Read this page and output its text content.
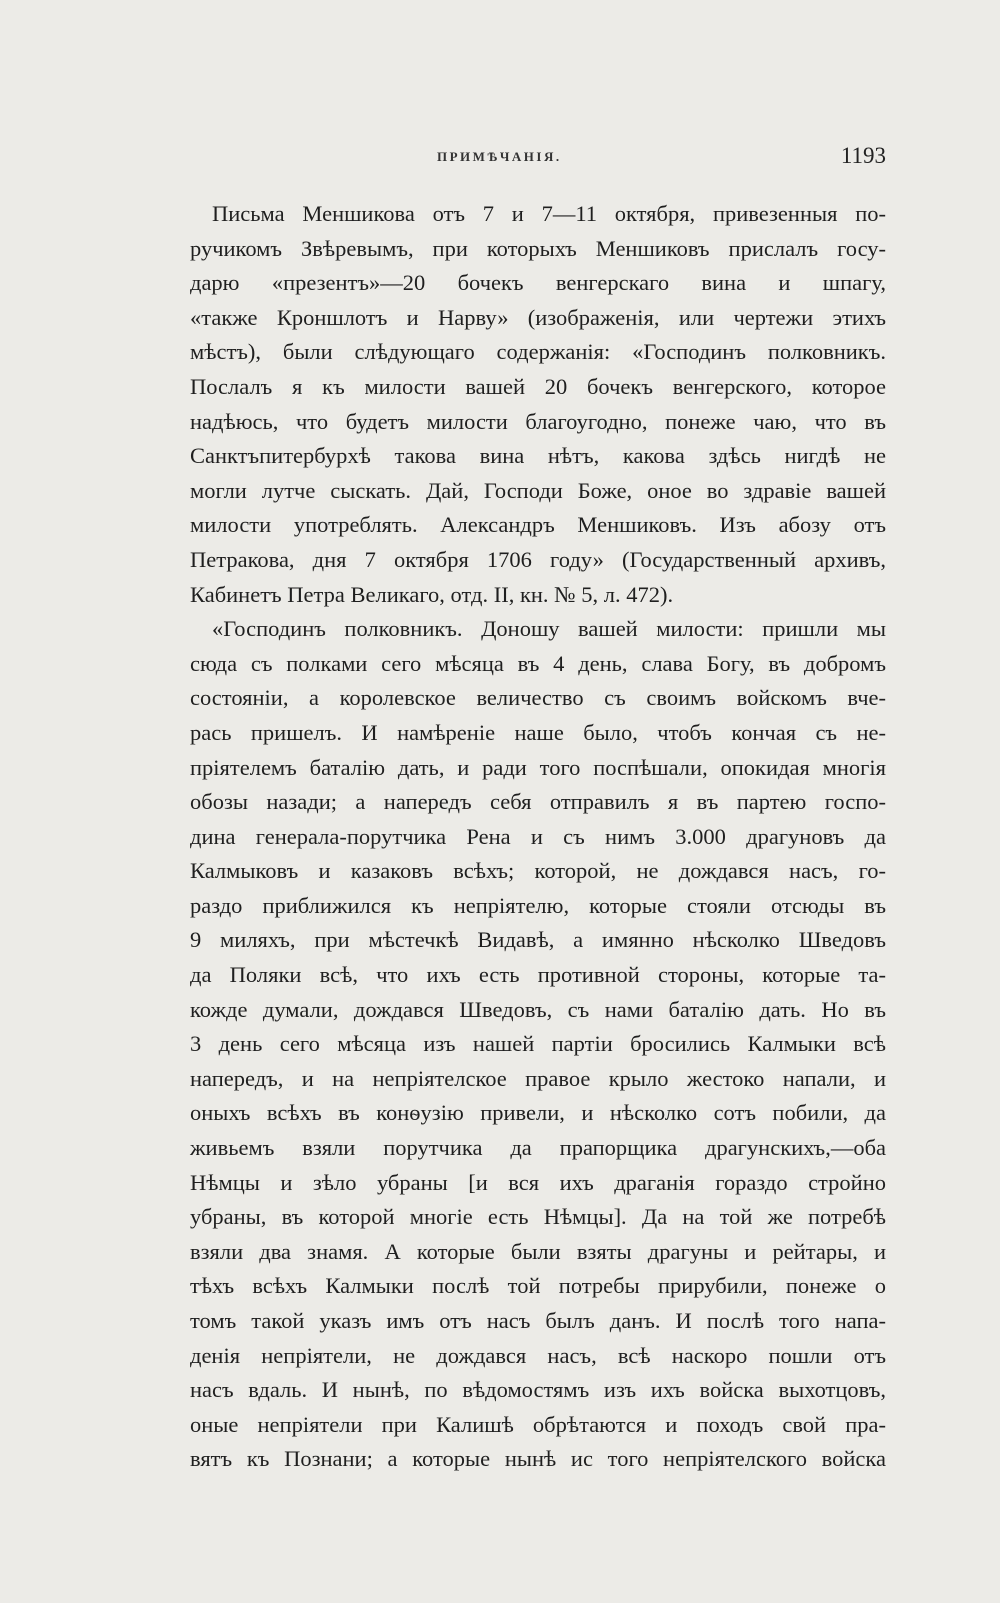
ПРИМѢЧАНІЯ.	1193
Письма Меншикова отъ 7 и 7—11 октября, привезенныя по-
ручикомъ Звѣревымъ, при которыхъ Меншиковъ прислалъ госу-
дарю «презентъ»—20 бочекъ венгерскаго вина и шпагу,
«также Кроншлотъ и Нарву» (изображенія, или чертежи этихъ
мѣстъ), были слѣдующаго содержанія: «Господинъ полковникъ.
Послалъ я къ милости вашей 20 бочекъ венгерского, которое
надѣюсь, что будетъ милости благоугодно, понеже чаю, что въ
Санктъпитербурхѣ такова вина нѣтъ, какова здѣсь нигдѣ не
могли лутче сыскать. Дай, Господи Боже, оное во здравіе вашей
милости употреблять. Александръ Меншиковъ. Изъ абозу отъ
Петракова, дня 7 октября 1706 году» (Государственный архивъ,
Кабинетъ Петра Великаго, отд. II, кн. № 5, л. 472).
«Господинъ полковникъ. Доношу вашей милости: пришли мы
сюда съ полками сего мѣсяца въ 4 день, слава Богу, въ добромъ
состояніи, а королевское величество съ своимъ войскомъ вче-
рась пришелъ. И намѣреніе наше было, чтобъ кончая съ не-
пріятелемъ баталію дать, и ради того поспѣшали, опокидая многія
обозы назади; а напередъ себя отправилъ я въ партею госпо-
дина генерала-порутчика Рена и съ нимъ 3.000 драгуновъ да
Калмыковъ и казаковъ всѣхъ; которой, не дождався насъ, го-
раздо приближился къ непріятелю, которые стояли отсюды въ
9 миляхъ, при мѣстечкѣ Видавѣ, а имянно нѣсколко Шведовъ
да Поляки всѣ, что ихъ есть противной стороны, которые та-
кожде думали, дождався Шведовъ, съ нами баталію дать. Но въ
3 день сего мѣсяца изъ нашей партіи бросились Калмыки всѣ
напередъ, и на непріятелское правое крыло жестоко напали, и
оныхъ всѣхъ въ конѳузію привели, и нѣсколко сотъ побили, да
живьемъ взяли порутчика да прапорщика драгунскихъ,—оба
Нѣмцы и зѣло убраны [и вся ихъ драганія гораздо стройно
убраны, въ которой многіе есть Нѣмцы]. Да на той же потребѣ
взяли два знамя. А которые были взяты драгуны и рейтары, и
тѣхъ всѣхъ Калмыки послѣ той потребы прирубили, понеже о
томъ такой указъ имъ отъ насъ былъ данъ. И послѣ того напа-
денія непріятели, не дождався насъ, всѣ наскоро пошли отъ
насъ вдаль. И нынѣ, по вѣдомостямъ изъ ихъ войска выхотцовъ,
оные непріятели при Калишѣ обрѣтаются и походъ свой пра-
вятъ къ Познани; а которые нынѣ ис того непріятелского войска
